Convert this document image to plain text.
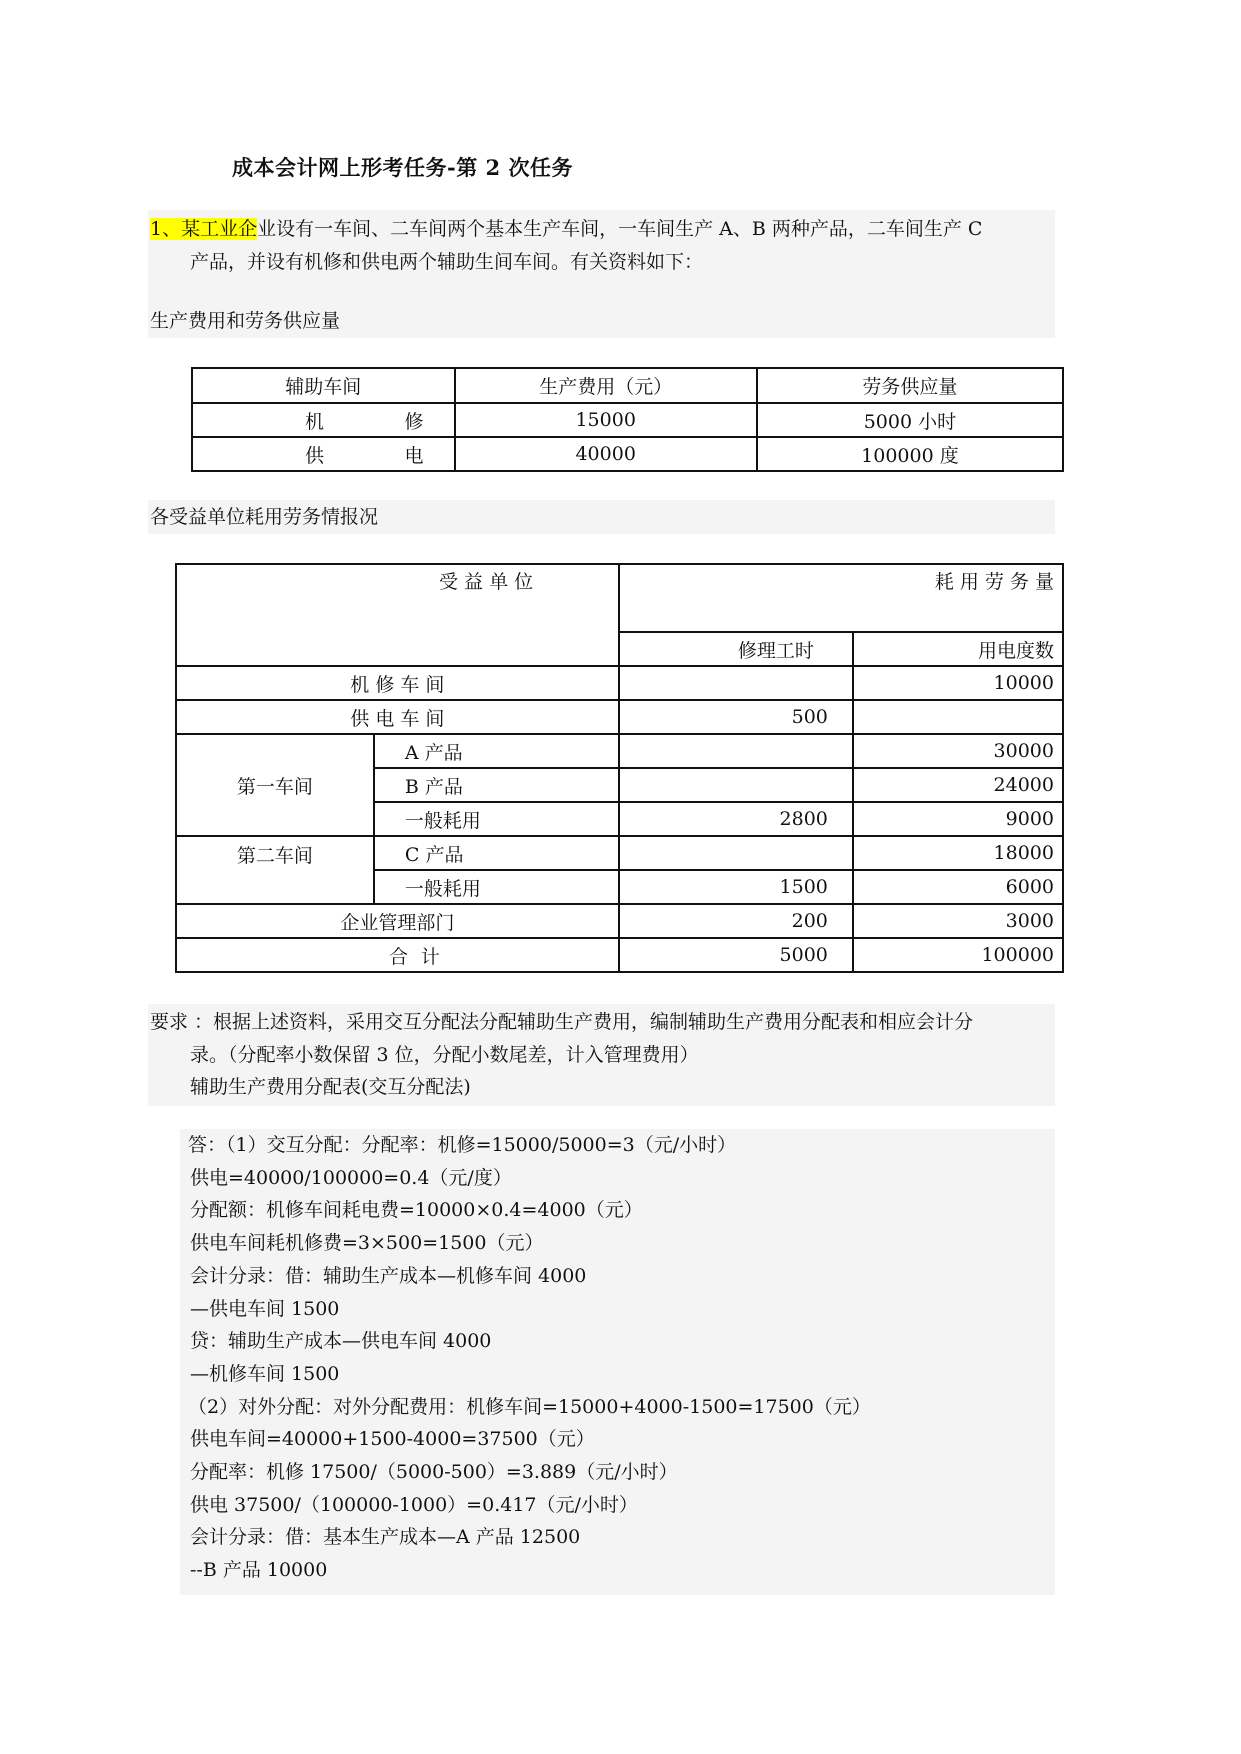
成本会计网上形考任务-第 2 次任务
1、某工业企业设有一车间、二车间两个基本生产车间，一车间生产 A、B 两种产品，二车间生产 C
产品，并设有机修和供电两个辅助生间车间。有关资料如下：
生产费用和劳务供应量
辅助车间	生产费用（元）	劳务供应量
机 修	15000	5000 小时
供 电	40000	100000 度
各受益单位耗用劳务情报况
受 益 单 位		耗 用 劳 务 量	
		修理工时	用电度数
机 修 车 间			10000
供 电 车 间		500	
第一车间	A 产品		30000
	B 产品		24000
	一般耗用	2800	9000
第二车间	C 产品		18000
	一般耗用	1500	6000
企业管理部门		200	3000
合 计		5000	100000
要求 ：根据上述资料，采用交互分配法分配辅助生产费用，编制辅助生产费用分配表和相应会计分
录。（分配率小数保留 3 位，分配小数尾差，计入管理费用）
辅助生产费用分配表(交互分配法)
答：（1）交互分配：分配率：机修=15000/5000=3（元/小时）
供电=40000/100000=0.4（元/度）
分配额：机修车间耗电费=10000×0.4=4000（元）
供电车间耗机修费=3×500=1500（元）
会计分录：借：辅助生产成本—机修车间 4000
—供电车间 1500
贷：辅助生产成本—供电车间 4000
—机修车间 1500
（2）对外分配：对外分配费用：机修车间=15000+4000-1500=17500（元）
供电车间=40000+1500-4000=37500（元）
分配率：机修 17500/（5000-500）=3.889（元/小时）
供电 37500/（100000-1000）=0.417（元/小时）
会计分录：借：基本生产成本—A 产品 12500
--B 产品 10000
